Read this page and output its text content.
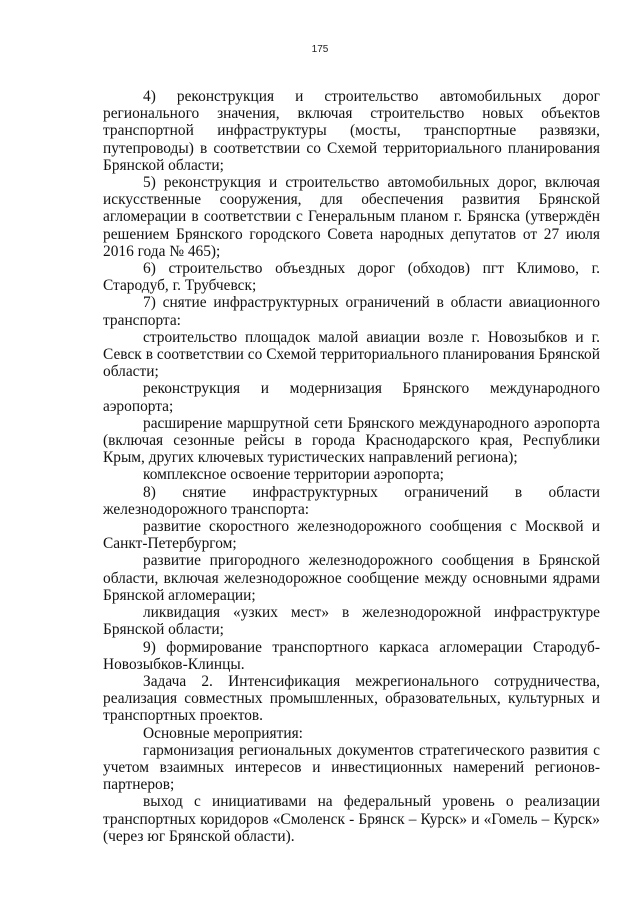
175

4) реконструкция и строительство автомобильных дорог регионального значения, включая строительство новых объектов транспортной инфраструктуры (мосты, транспортные развязки, путепроводы) в соответствии со Схемой территориального планирования Брянской области;

5) реконструкция и строительство автомобильных дорог, включая искусственные сооружения, для обеспечения развития Брянской агломерации в соответствии с Генеральным планом г. Брянска (утверждён решением Брянского городского Совета народных депутатов от 27 июля 2016 года № 465);

6) строительство объездных дорог (обходов) пгт Климово, г. Стародуб, г. Трубчевск;

7) снятие инфраструктурных ограничений в области авиационного транспорта:

строительство площадок малой авиации возле г. Новозыбков и г. Севск в соответствии со Схемой территориального планирования Брянской области;

реконструкция и модернизация Брянского международного аэропорта;

расширение маршрутной сети Брянского международного аэропорта (включая сезонные рейсы в города Краснодарского края, Республики Крым, других ключевых туристических направлений региона);

комплексное освоение территории аэропорта;

8) снятие инфраструктурных ограничений в области железнодорожного транспорта:

развитие скоростного железнодорожного сообщения с Москвой и Санкт-Петербургом;

развитие пригородного железнодорожного сообщения в Брянской области, включая железнодорожное сообщение между основными ядрами Брянской агломерации;

ликвидация «узких мест» в железнодорожной инфраструктуре Брянской области;

9) формирование транспортного каркаса агломерации Стародуб-Новозыбков-Клинцы.

Задача 2. Интенсификация межрегионального сотрудничества, реализация совместных промышленных, образовательных, культурных и транспортных проектов.

Основные мероприятия:

гармонизация региональных документов стратегического развития с учетом взаимных интересов и инвестиционных намерений регионов-партнеров;

выход с инициативами на федеральный уровень о реализации транспортных коридоров «Смоленск - Брянск – Курск» и «Гомель – Курск» (через юг Брянской области).
